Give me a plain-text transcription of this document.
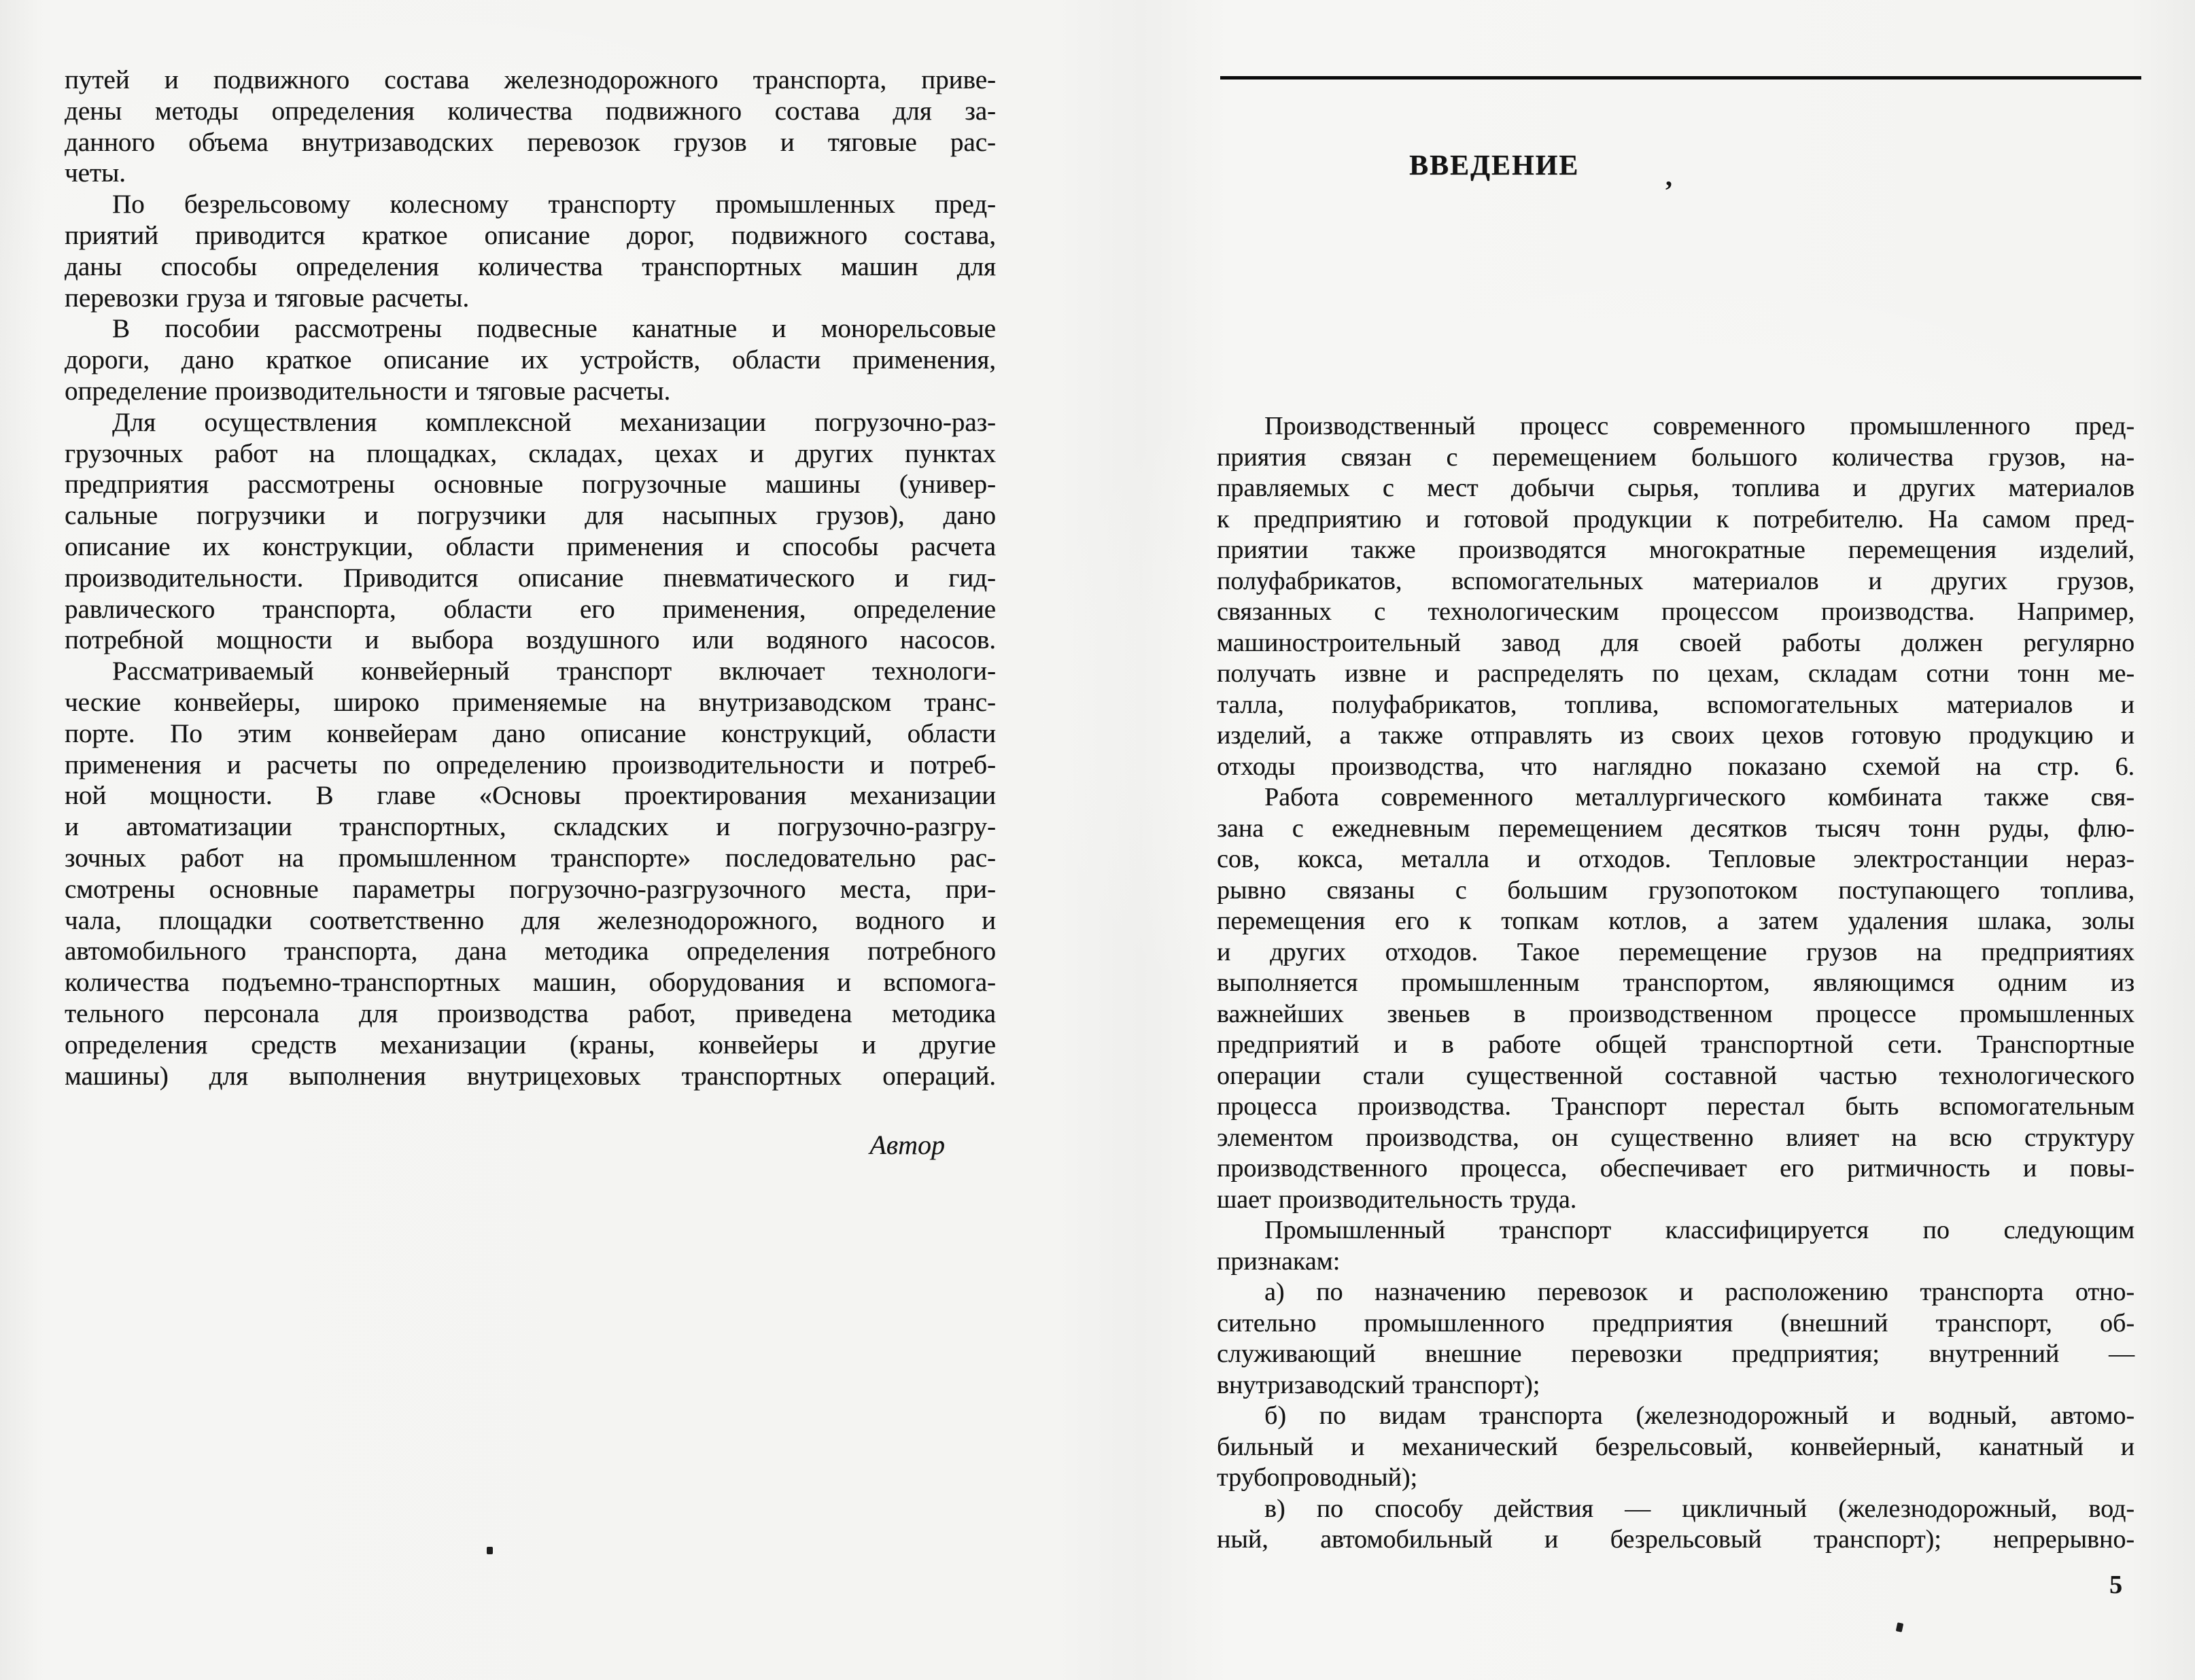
путей и подвижного состава железнодорожного транспорта, приве-
дены методы определения количества подвижного состава для за-
данного объема внутризаводских перевозок грузов и тяговые рас-
четы.
По безрельсовому колесному транспорту промышленных пред-
приятий приводится краткое описание дорог, подвижного состава,
даны способы определения количества транспортных машин для
перевозки груза и тяговые расчеты.
В пособии рассмотрены подвесные канатные и монорельсовые
дороги, дано краткое описание их устройств, области применения,
определение производительности и тяговые расчеты.
Для осуществления комплексной механизации погрузочно-раз-
грузочных работ на площадках, складах, цехах и других пунктах
предприятия рассмотрены основные погрузочные машины (универ-
сальные погрузчики и погрузчики для насыпных грузов), дано
описание их конструкции, области применения и способы расчета
производительности. Приводится описание пневматического и гид-
равлического транспорта, области его применения, определение
потребной мощности и выбора воздушного или водяного насосов.
Рассматриваемый конвейерный транспорт включает технологи-
ческие конвейеры, широко применяемые на внутризаводском транс-
порте. По этим конвейерам дано описание конструкций, области
применения и расчеты по определению производительности и потреб-
ной мощности. В главе «Основы проектирования механизации
и автоматизации транспортных, складских и погрузочно-разгру-
зочных работ на промышленном транспорте» последовательно рас-
смотрены основные параметры погрузочно-разгрузочного места, при-
чала, площадки соответственно для железнодорожного, водного и
автомобильного транспорта, дана методика определения потребного
количества подъемно-транспортных машин, оборудования и вспомога-
тельного персонала для производства работ, приведена методика
определения средств механизации (краны, конвейеры и другие
машины) для выполнения внутрицеховых транспортных операций.
Автор
ВВЕДЕНИЕ	,
Производственный процесс современного промышленного пред-
приятия связан с перемещением большого количества грузов, на-
правляемых с мест добычи сырья, топлива и других материалов
к предприятию и готовой продукции к потребителю. На самом пред-
приятии также производятся многократные перемещения изделий,
полуфабрикатов, вспомогательных материалов и других грузов,
связанных с технологическим процессом производства. Например,
машиностроительный завод для своей работы должен регулярно
получать извне и распределять по цехам, складам сотни тонн ме-
талла, полуфабрикатов, топлива, вспомогательных материалов и
изделий, а также отправлять из своих цехов готовую продукцию и
отходы производства, что наглядно показано схемой на стр. 6.
Работа современного металлургического комбината также свя-
зана с ежедневным перемещением десятков тысяч тонн руды, флю-
сов, кокса, металла и отходов. Тепловые электростанции нераз-
рывно связаны с большим грузопотоком поступающего топлива,
перемещения его к топкам котлов, а затем удаления шлака, золы
и других отходов. Такое перемещение грузов на предприятиях
выполняется промышленным транспортом, являющимся одним из
важнейших звеньев в производственном процессе промышленных
предприятий и в работе общей транспортной сети. Транспортные
операции стали существенной составной частью технологического
процесса производства. Транспорт перестал быть вспомогательным
элементом производства, он существенно влияет на всю структуру
производственного процесса, обеспечивает его ритмичность и повы-
шает производительность труда.
Промышленный транспорт классифицируется по следующим
признакам:
а) по назначению перевозок и расположению транспорта отно-
сительно промышленного предприятия (внешний транспорт, об-
служивающий внешние перевозки предприятия; внутренний —
внутризаводский транспорт);
б) по видам транспорта (железнодорожный и водный, автомо-
бильный и механический безрельсовый, конвейерный, канатный и
трубопроводный);
в) по способу действия — цикличный (железнодорожный, вод-
ный, автомобильный и безрельсовый транспорт); непрерывно-
5
